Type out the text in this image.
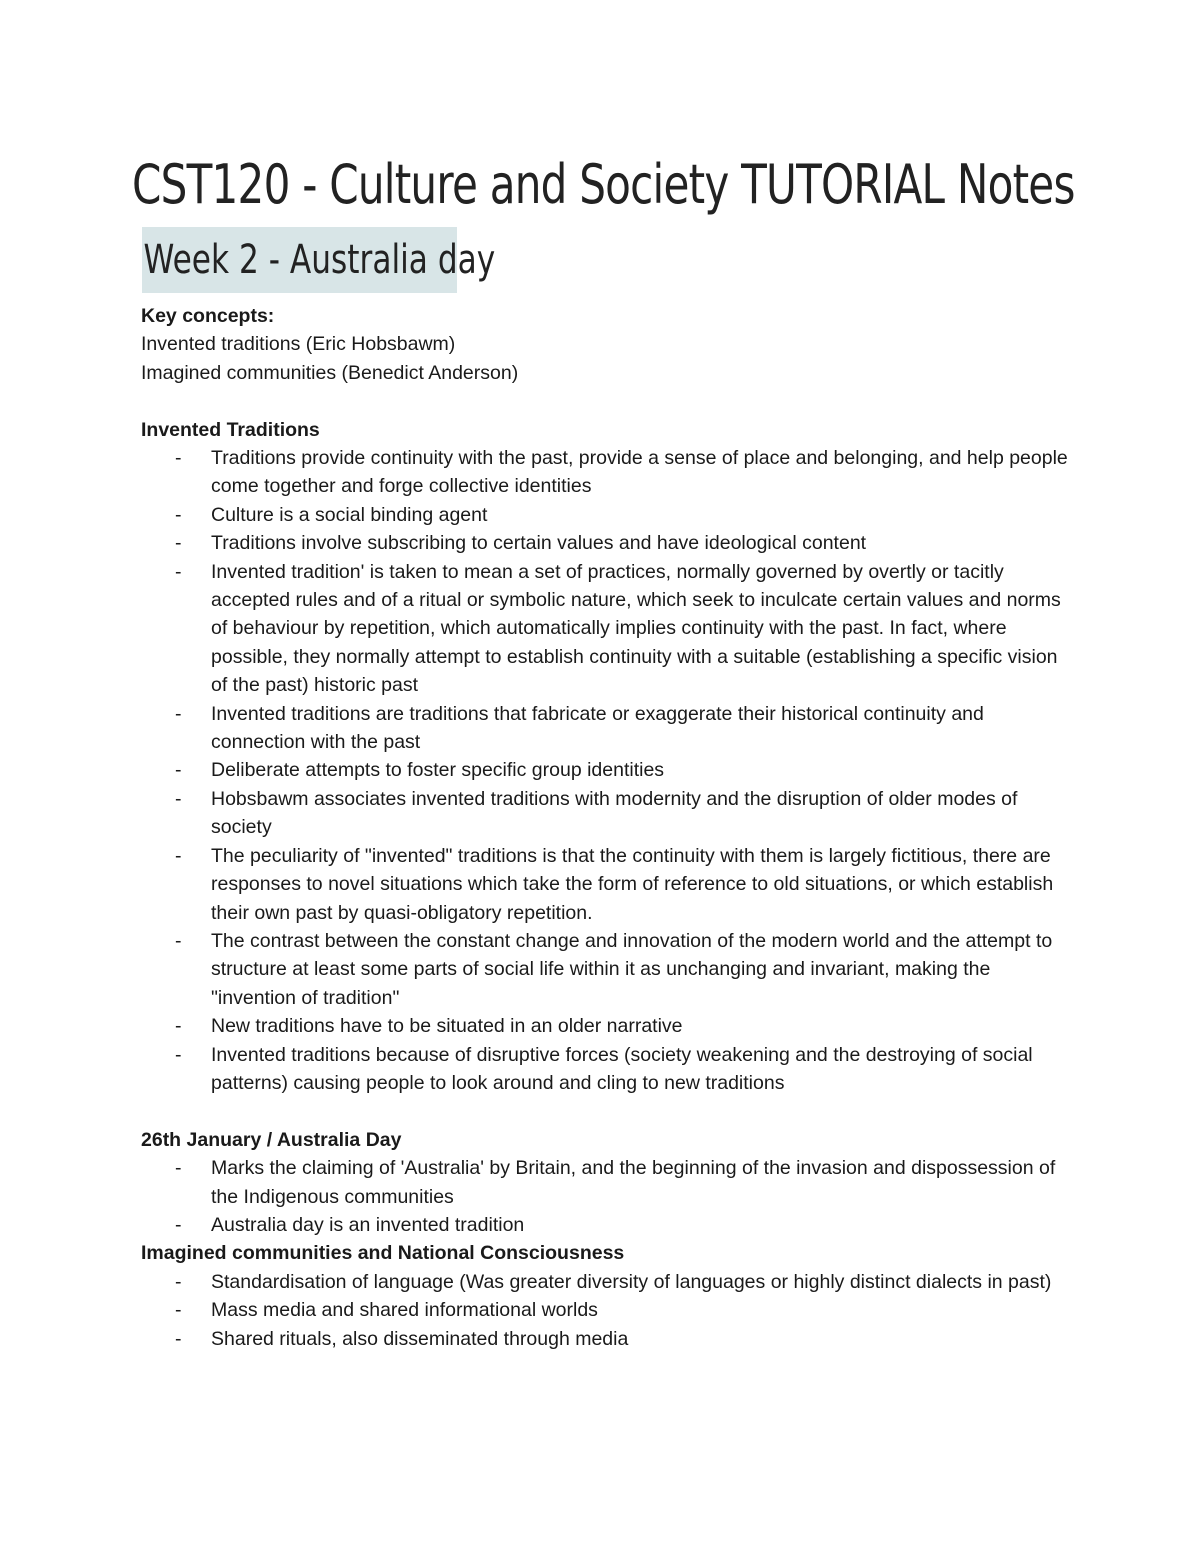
CST120 - Culture and Society TUTORIAL Notes
Week 2 - Australia day

Key concepts:

Invented traditions (Eric Hobsbawm)

Imagined communities (Benedict Anderson)

Invented Traditions

- Traditions provide continuity with the past, provide a sense of place and belonging, and help people come together and forge collective identities
- Culture is a social binding agent
- Traditions involve subscribing to certain values and have ideological content
- Invented tradition' is taken to mean a set of practices, normally governed by overtly or tacitly accepted rules and of a ritual or symbolic nature, which seek to inculcate certain values and norms of behaviour by repetition, which automatically implies continuity with the past. In fact, where possible, they normally attempt to establish continuity with a suitable (establishing a specific vision of the past) historic past
- Invented traditions are traditions that fabricate or exaggerate their historical continuity and connection with the past
- Deliberate attempts to foster specific group identities
- Hobsbawm associates invented traditions with modernity and the disruption of older modes of society
- The peculiarity of "invented" traditions is that the continuity with them is largely fictitious, there are responses to novel situations which take the form of reference to old situations, or which establish their own past by quasi-obligatory repetition.
- The contrast between the constant change and innovation of the modern world and the attempt to structure at least some parts of social life within it as unchanging and invariant, making the "invention of tradition"
- New traditions have to be situated in an older narrative
- Invented traditions because of disruptive forces (society weakening and the destroying of social patterns) causing people to look around and cling to new traditions

26th January / Australia Day

- Marks the claiming of 'Australia' by Britain, and the beginning of the invasion and dispossession of the Indigenous communities
- Australia day is an invented tradition

Imagined communities and National Consciousness

- Standardisation of language (Was greater diversity of languages or highly distinct dialects in past)
- Mass media and shared informational worlds
- Shared rituals, also disseminated through media
